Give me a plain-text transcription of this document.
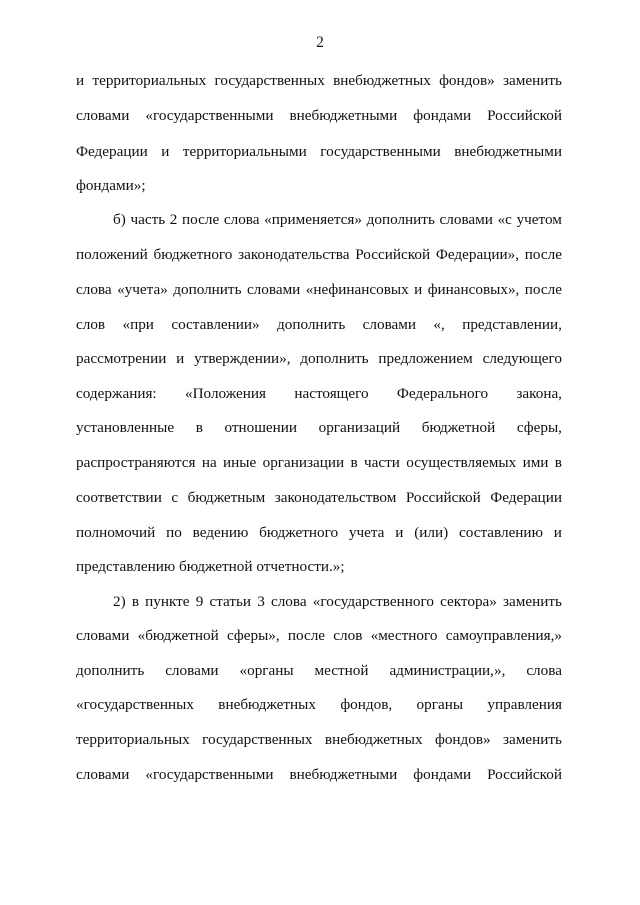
2
и территориальных государственных внебюджетных фондов» заменить
словами «государственными внебюджетными фондами Российской
Федерации и территориальными государственными внебюджетными
фондами»;
б) часть 2 после слова «применяется» дополнить словами «с учетом
положений бюджетного законодательства Российской Федерации», после
слова «учета» дополнить словами «нефинансовых и финансовых», после
слов «при составлении» дополнить словами «, представлении,
рассмотрении и утверждении», дополнить предложением следующего
содержания: «Положения настоящего Федерального закона,
установленные в отношении организаций бюджетной сферы,
распространяются на иные организации в части осуществляемых ими в
соответствии с бюджетным законодательством Российской Федерации
полномочий по ведению бюджетного учета и (или) составлению и
представлению бюджетной отчетности.»;
2) в пункте 9 статьи 3 слова «государственного сектора» заменить
словами «бюджетной сферы», после слов «местного самоуправления,»
дополнить словами «органы местной администрации,», слова
«государственных внебюджетных фондов, органы управления
территориальных государственных внебюджетных фондов» заменить
словами «государственными внебюджетными фондами Российской
